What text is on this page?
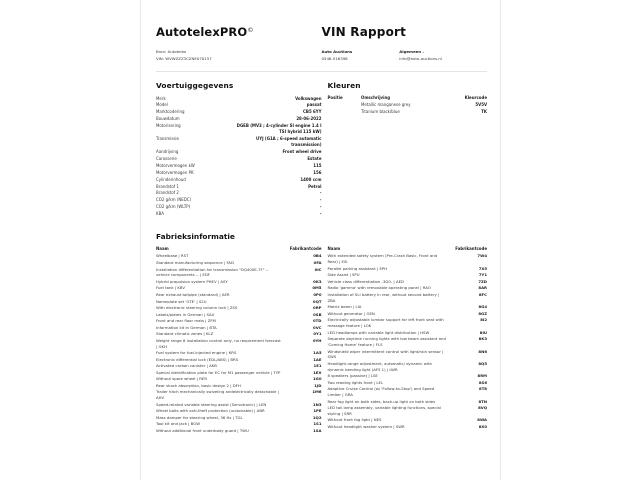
AutotelexPRO©	VIN Rapport
Bron: Autotelex
VIN: WVWZZZ3CZNE070157
Auto Auctions
0546-516398
Algemeen .
info@auto-auctions.nl
Voertuiggegevens
Merk	Volkswagen
Model	passat
Marktcodering	CB5 6YY
Bouwdatum	28-06-2022
Motorisering	DGEB (MV3 ; 4-cylinder SI engine 1.4 l TSI hybrid 115 kW)
Transmissie	UYJ (G1A ; 6-speed automatic transmission)
Aandrijving	Front wheel drive
Carosserie	Estate
Motorvermogen kW	115
Motorvermogen PK	156
Cylinderinhoud	1400 ccm
Brandstof 1	Petrol
Brandstof 2	-
CO2 g/km (NEDC)	-
CO2 g/km (WLTP)	-
KBA	-
Kleuren
Positie	Omschrijving	Kleurcode
	Metallic manganese grey	5V5V
	Titanium black/blue	TK
Fabrieksinformatie
Naam	Fabrikantcode
Wheelbase | RST	0B4
Standard manufacturing sequence | FAD	0FA
Installation differentiation for transmission "DQ400E-7F" -- vehicle components -- | EDF	0IC
Hybrid propulsion system PHEV | ASY	0K3
Fuel tank | KBV	0M5
Rear exhaust tailpipe (standard) | AER	0P0
Nameplate set 'GTE' | S2U	0QT
With electronic steering column lock | ZSS	0RP
Labels/plates in German | SAU	0SB
Front and rear floor mats | ZFM	0TD
Information kit in German | BTA	0VC
Standard climatic zones | KLZ	0Y1
Weight range 8 installation control only, no requirement forecast | GKH	0YH
Fuel system for fuel-injected engine | KRS	1A5
Electronic differential lock (EDL/ABS) | BRS	1AE
Activated carbon canister | AKB	1E1
Special identification plate for EC for M1 passenger vehicle | TYP	1EX
Without spare wheel | RER	1G0
Rear shock absorption, basic design 2 | DFH	1JD
Trailer hitch mechanically swiveling andelectrically detachable | AHV	1M6
Speed-related variable steering assist (Servotronic) | LEN	1N3
Wheel bolts with anti-theft protection (unlockable) | ABR	1PE
Mass damper for steering wheel, 36 Hz | TGL	1Q2
Tool kit and jack | BGW	1S1
Without additional front underbody guard | TWU	1SA
Naam	Fabrikantcode
With extended safety system (Pre-Crash Basic, Front and Rear) | ESI	7W4
Parallel parking assistant | EPH	7X5
Side Assist | SPU	7Y1
Vehicle class differentiation -3G0- | AED	7ZD
Radio 'gamma' with removable operating panel | RAO	8AR
Installation of SLI battery in rear, without second battery | ZBA	8FC
Matrix beam | LIA	8G4
Without generator | GEN	8GZ
Electrically adjustable lumbar support for left front seat with massage feature | LOK	8I2
LED headlamps with variable light distribution | HSW	8IU
Separate daytime running lights with low beam assistant and 'Coming Home' feature | FLS	8K3
Windshield wiper intermittent control with light/rain sensor | SWS	8N6
Headlight-range adjustment, automatic/ dynamic with dynamic bending light (AFS 1) | LWR	8Q5
8 speakers (passive) | LSE	8RM
Two reading lights front | LEL	8S6
Adaptive Cruise Control (w/ 'Follow-to-Stop') and Speed Limiter | GRA	8T8
Rear fog light on both sides, back-up light on both sides	8TN
LED tail lamp assembly, variable lighting functions, special styling | SRR	8VQ
Without front fog light | NES	8WA
Without headlight washer system | SWR	8X0
